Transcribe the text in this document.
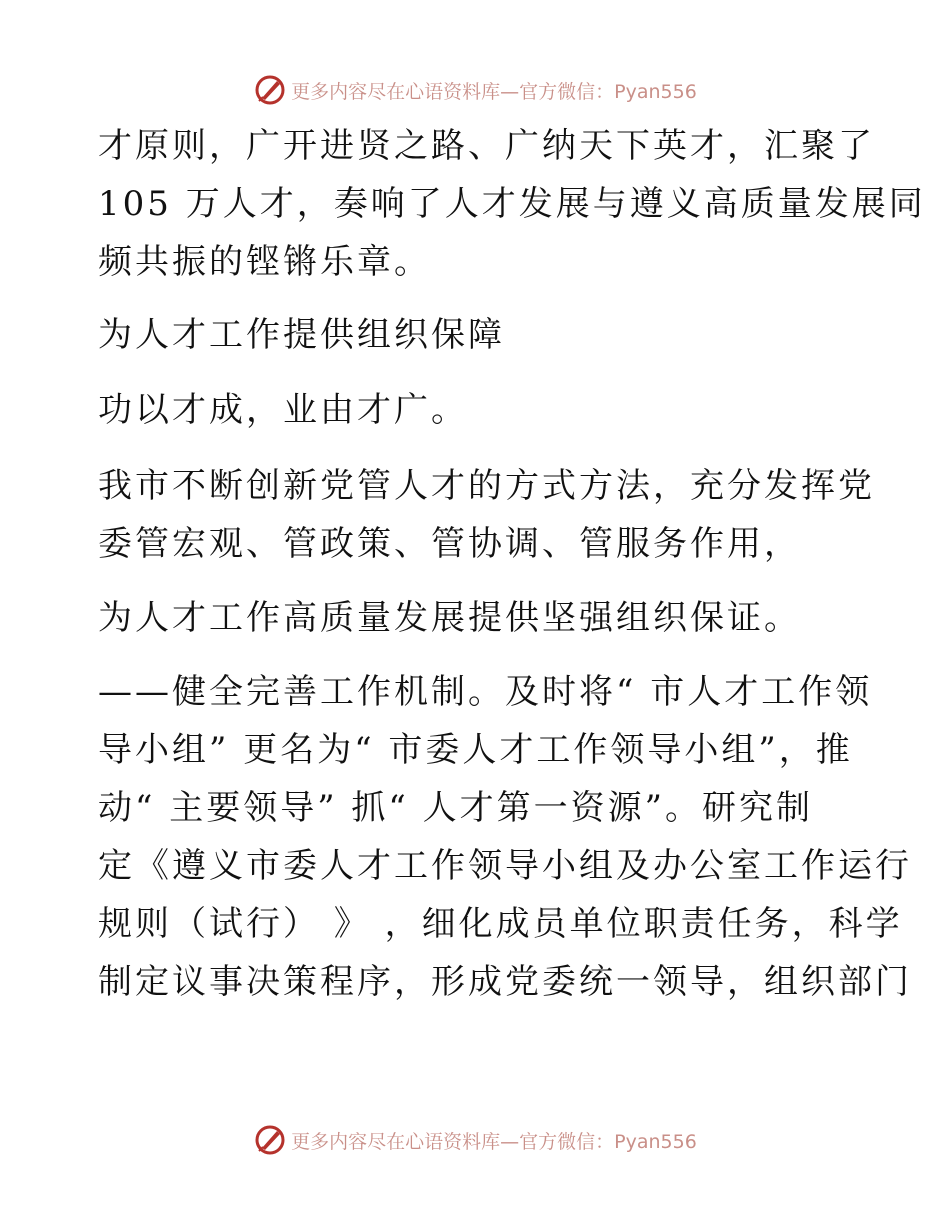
更多内容尽在心语资料库—官方微信：Pyan556
才原则，广开进贤之路、广纳天下英才，汇聚了
105 万人才，奏响了人才发展与遵义高质量发展同
频共振的铿锵乐章。
为人才工作提供组织保障
功以才成，业由才广。
我市不断创新党管人才的方式方法，充分发挥党
委管宏观、管政策、管协调、管服务作用，
为人才工作高质量发展提供坚强组织保证。
——健全完善工作机制。及时将“ 市人才工作领
导小组” 更名为“ 市委人才工作领导小组”，推
动“ 主要领导” 抓“ 人才第一资源”。研究制
定《遵义市委人才工作领导小组及办公室工作运行
规则（试行） 》 ，细化成员单位职责任务，科学
制定议事决策程序，形成党委统一领导，组织部门
更多内容尽在心语资料库—官方微信：Pyan556
